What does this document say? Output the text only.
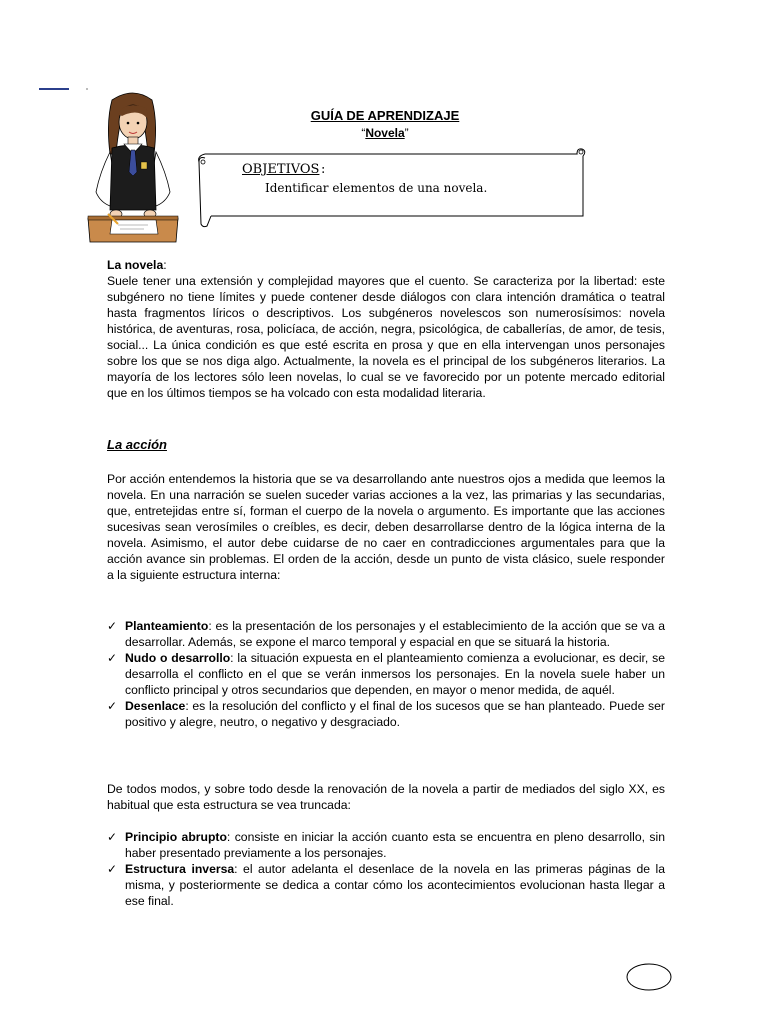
GUÍA DE APRENDIZAJE
“Novela”
OBJETIVOS :
Identificar elementos de una novela.
La novela:
Suele tener una extensión y complejidad mayores que el cuento. Se caracteriza por la libertad: este subgénero no tiene límites y puede contener desde diálogos con clara intención dramática o teatral hasta fragmentos líricos o descriptivos. Los subgéneros novelescos son numerosísimos: novela histórica, de aventuras, rosa, policíaca, de acción, negra, psicológica, de caballerías, de amor, de tesis, social... La única condición es que esté escrita en prosa y que en ella intervengan unos personajes sobre los que se nos diga algo. Actualmente, la novela es el principal de los subgéneros literarios. La mayoría de los lectores sólo leen novelas, lo cual se ve favorecido por un potente mercado editorial que en los últimos tiempos se ha volcado con esta modalidad literaria.
La acción
Por acción entendemos la historia que se va desarrollando ante nuestros ojos a medida que leemos la novela. En una narración se suelen suceder varias acciones a la vez, las primarias y las secundarias, que, entretejidas entre sí, forman el cuerpo de la novela o argumento. Es importante que las acciones sucesivas sean verosímiles o creíbles, es decir, deben desarrollarse dentro de la lógica interna de la novela. Asimismo, el autor debe cuidarse de no caer en contradicciones argumentales para que la acción avance sin problemas. El orden de la acción, desde un punto de vista clásico, suele responder a la siguiente estructura interna:
✓ Planteamiento: es la presentación de los personajes y el establecimiento de la acción que se va a desarrollar. Además, se expone el marco temporal y espacial en que se situará la historia.
✓ Nudo o desarrollo: la situación expuesta en el planteamiento comienza a evolucionar, es decir, se desarrolla el conflicto en el que se verán inmersos los personajes. En la novela suele haber un conflicto principal y otros secundarios que dependen, en mayor o menor medida, de aquél.
✓ Desenlace: es la resolución del conflicto y el final de los sucesos que se han planteado. Puede ser positivo y alegre, neutro, o negativo y desgraciado.
De todos modos, y sobre todo desde la renovación de la novela a partir de mediados del siglo XX, es habitual que esta estructura se vea truncada:
✓ Principio abrupto: consiste en iniciar la acción cuanto esta se encuentra en pleno desarrollo, sin haber presentado previamente a los personajes.
✓ Estructura inversa: el autor adelanta el desenlace de la novela en las primeras páginas de la misma, y posteriormente se dedica a contar cómo los acontecimientos evolucionan hasta llegar a ese final.
